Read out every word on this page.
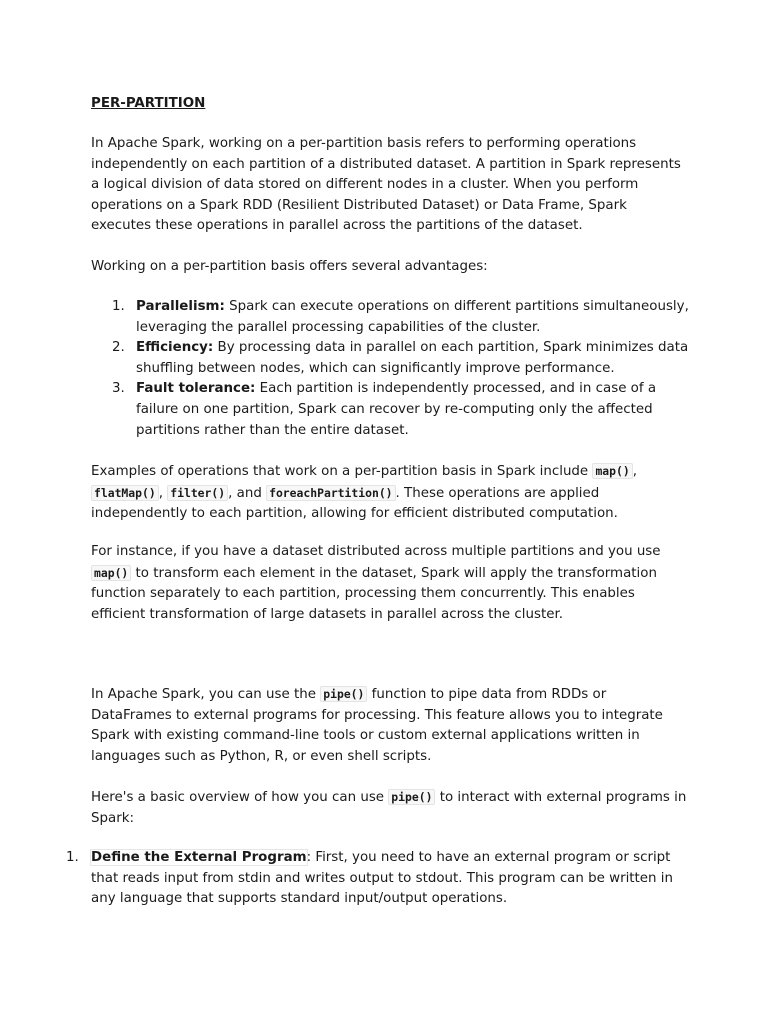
PER-PARTITION

In Apache Spark, working on a per-partition basis refers to performing operations independently on each partition of a distributed dataset. A partition in Spark represents a logical division of data stored on different nodes in a cluster. When you perform operations on a Spark RDD (Resilient Distributed Dataset) or Data Frame, Spark executes these operations in parallel across the partitions of the dataset.

Working on a per-partition basis offers several advantages:

1. Parallelism: Spark can execute operations on different partitions simultaneously, leveraging the parallel processing capabilities of the cluster.
2. Efficiency: By processing data in parallel on each partition, Spark minimizes data shuffling between nodes, which can significantly improve performance.
3. Fault tolerance: Each partition is independently processed, and in case of a failure on one partition, Spark can recover by re-computing only the affected partitions rather than the entire dataset.

Examples of operations that work on a per-partition basis in Spark include map() , flatMap() , filter() , and foreachPartition() . These operations are applied independently to each partition, allowing for efficient distributed computation.

For instance, if you have a dataset distributed across multiple partitions and you use map() to transform each element in the dataset, Spark will apply the transformation function separately to each partition, processing them concurrently. This enables efficient transformation of large datasets in parallel across the cluster.

In Apache Spark, you can use the pipe() function to pipe data from RDDs or DataFrames to external programs for processing. This feature allows you to integrate Spark with existing command-line tools or custom external applications written in languages such as Python, R, or even shell scripts.

Here's a basic overview of how you can use pipe() to interact with external programs in Spark:

1. Define the External Program: First, you need to have an external program or script that reads input from stdin and writes output to stdout. This program can be written in any language that supports standard input/output operations.
